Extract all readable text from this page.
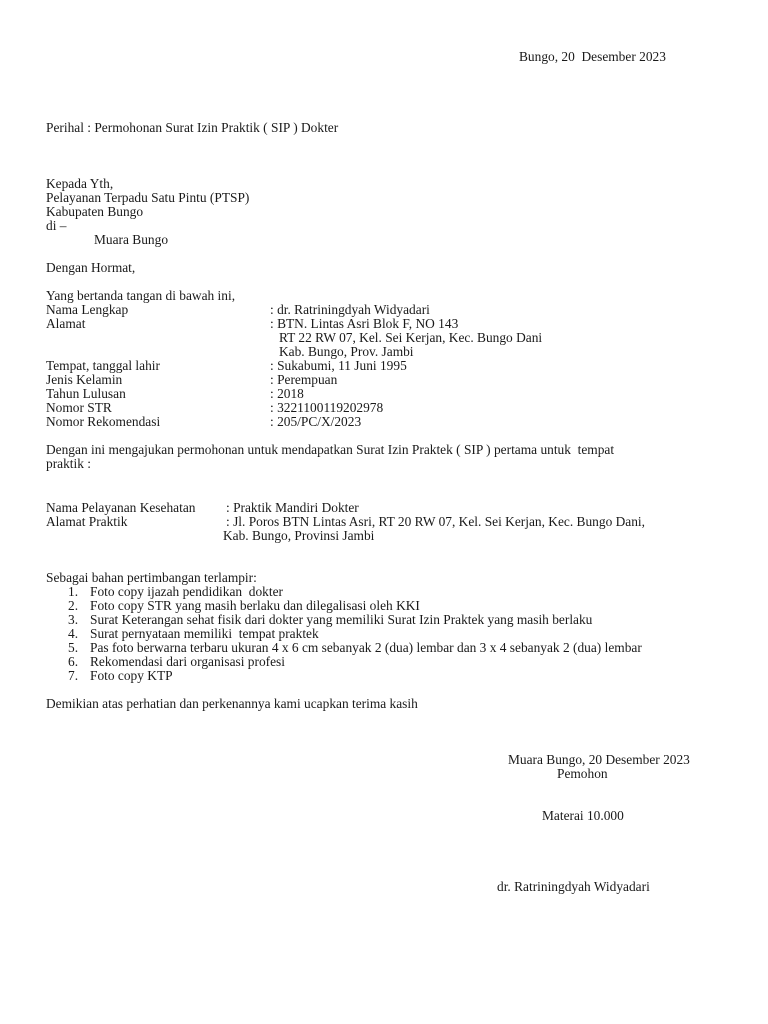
Bungo, 20  Desember 2023
Perihal : Permohonan Surat Izin Praktik ( SIP ) Dokter
Kepada Yth,
Pelayanan Terpadu Satu Pintu (PTSP)
Kabupaten Bungo
di –
Muara Bungo
Dengan Hormat,
Yang bertanda tangan di bawah ini,
Nama Lengkap	: dr. Ratriningdyah Widyadari
Alamat	: BTN. Lintas Asri Blok F, NO 143
RT 22 RW 07, Kel. Sei Kerjan, Kec. Bungo Dani
Kab. Bungo, Prov. Jambi
Tempat, tanggal lahir	: Sukabumi, 11 Juni 1995
Jenis Kelamin	: Perempuan
Tahun Lulusan	: 2018
Nomor STR	: 3221100119202978
Nomor Rekomendasi	: 205/PC/X/2023
Dengan ini mengajukan permohonan untuk mendapatkan Surat Izin Praktek ( SIP ) pertama untuk  tempat
praktik :
Nama Pelayanan Kesehatan : Praktik Mandiri Dokter
Alamat Praktik	: Jl. Poros BTN Lintas Asri, RT 20 RW 07, Kel. Sei Kerjan, Kec. Bungo Dani,
Kab. Bungo, Provinsi Jambi
Sebagai bahan pertimbangan terlampir:
1. Foto copy ijazah pendidikan  dokter
2. Foto copy STR yang masih berlaku dan dilegalisasi oleh KKI
3. Surat Keterangan sehat fisik dari dokter yang memiliki Surat Izin Praktek yang masih berlaku
4. Surat pernyataan memiliki  tempat praktek
5. Pas foto berwarna terbaru ukuran 4 x 6 cm sebanyak 2 (dua) lembar dan 3 x 4 sebanyak 2 (dua) lembar
6. Rekomendasi dari organisasi profesi
7. Foto copy KTP
Demikian atas perhatian dan perkenannya kami ucapkan terima kasih
Muara Bungo, 20 Desember 2023
Pemohon
Materai 10.000
dr. Ratriningdyah Widyadari
